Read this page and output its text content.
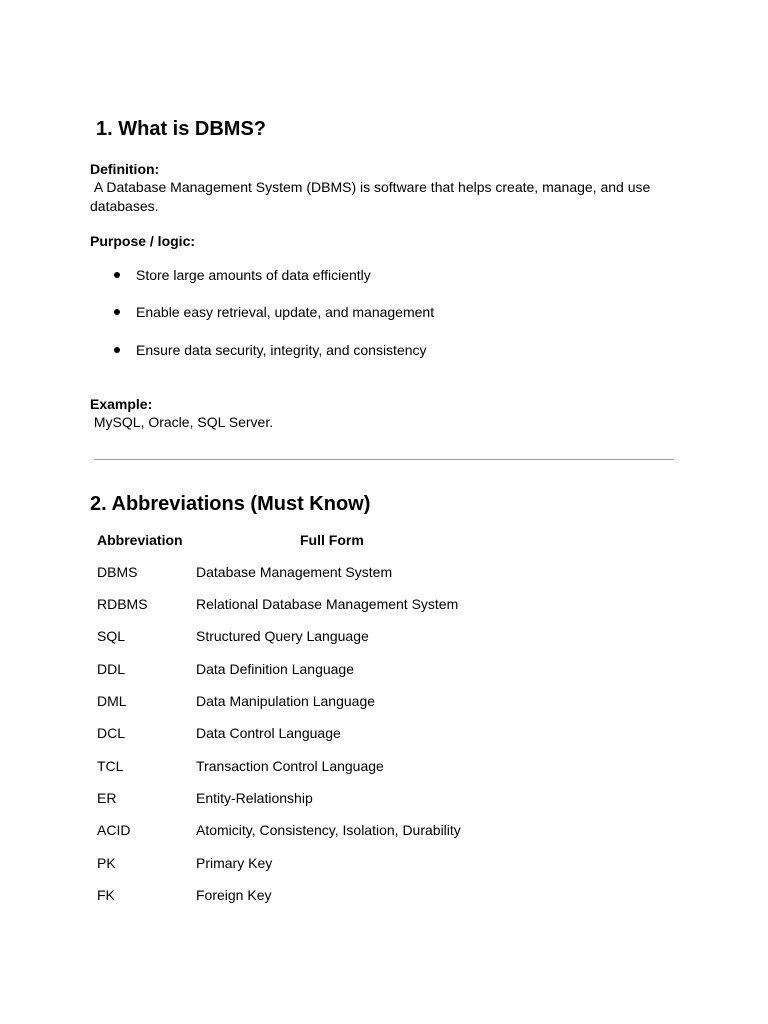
1. What is DBMS?
Definition:
A Database Management System (DBMS) is software that helps create, manage, and use databases.
Purpose / logic:
Store large amounts of data efficiently
Enable easy retrieval, update, and management
Ensure data security, integrity, and consistency
Example:
MySQL, Oracle, SQL Server.
2. Abbreviations (Must Know)
Abbreviation	Full Form
DBMS	Database Management System
RDBMS	Relational Database Management System
SQL	Structured Query Language
DDL	Data Definition Language
DML	Data Manipulation Language
DCL	Data Control Language
TCL	Transaction Control Language
ER	Entity-Relationship
ACID	Atomicity, Consistency, Isolation, Durability
PK	Primary Key
FK	Foreign Key
